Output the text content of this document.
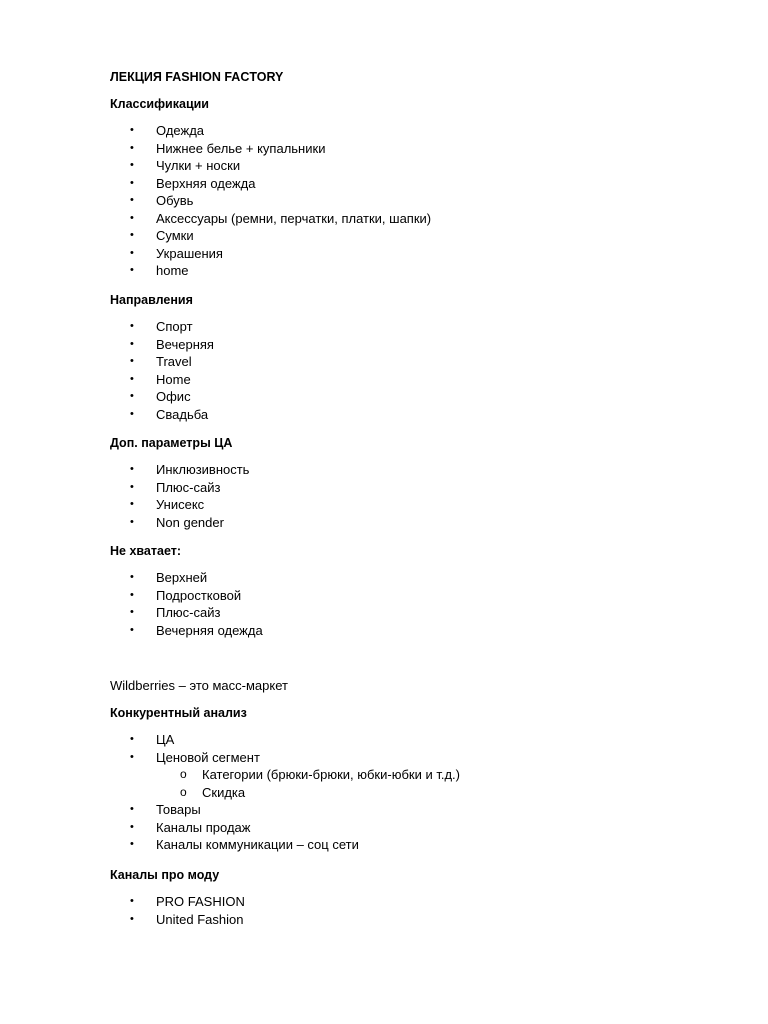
ЛЕКЦИЯ FASHION FACTORY
Классификации
• Одежда
• Нижнее белье + купальники
• Чулки + носки
• Верхняя одежда
• Обувь
• Аксессуары (ремни, перчатки, платки, шапки)
• Сумки
• Украшения
• home
Направления
• Спорт
• Вечерняя
• Travel
• Home
• Офис
• Свадьба
Доп. параметры ЦА
• Инклюзивность
• Плюс-сайз
• Унисекс
• Non gender
Не хватает:
• Верхней
• Подростковой
• Плюс-сайз
• Вечерняя одежда
Wildberries – это масс-маркет
Конкурентный анализ
• ЦА
• Ценовой сегмент
o Категории (брюки-брюки, юбки-юбки и т.д.)
o Скидка
• Товары
• Каналы продаж
• Каналы коммуникации – соц сети
Каналы про моду
• PRO FASHION
• United Fashion
